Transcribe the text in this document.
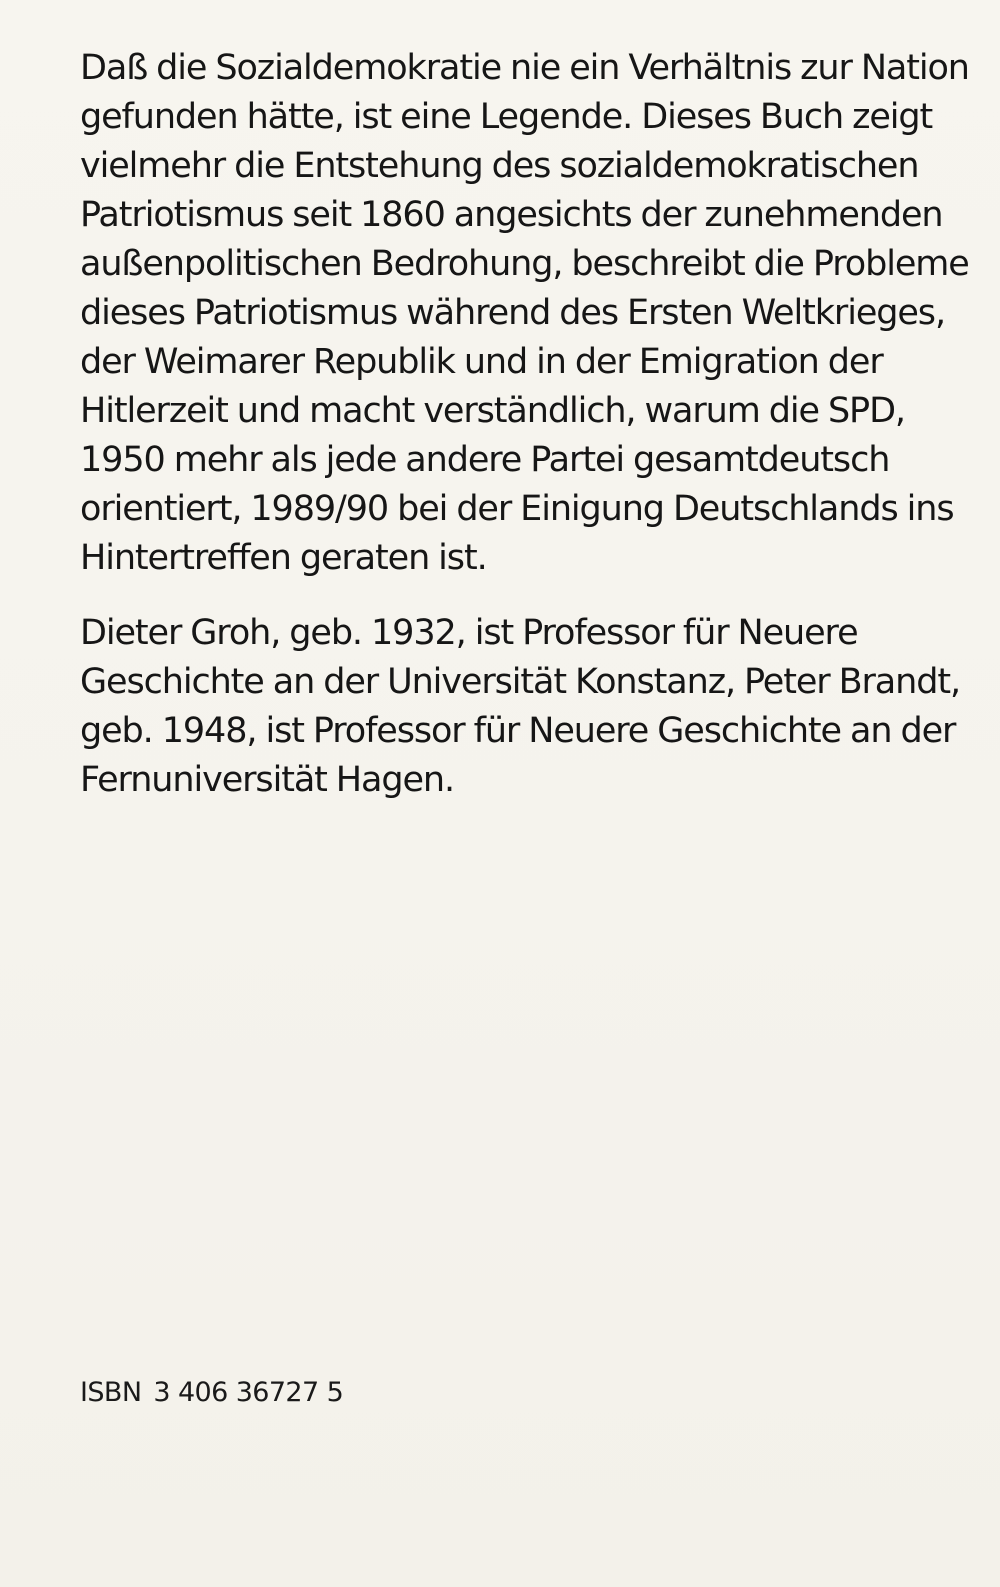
Daß die Sozialdemokratie nie ein Verhältnis zur Nation
gefunden hätte, ist eine Legende. Dieses Buch zeigt
vielmehr die Entstehung des sozialdemokratischen
Patriotismus seit 1860 angesichts der zunehmenden
außenpolitischen Bedrohung, beschreibt die Probleme
dieses Patriotismus während des Ersten Weltkrieges,
der Weimarer Republik und in der Emigration der
Hitlerzeit und macht verständlich, warum die SPD,
1950 mehr als jede andere Partei gesamtdeutsch
orientiert, 1989/90 bei der Einigung Deutschlands ins
Hintertreffen geraten ist.

Dieter Groh, geb. 1932, ist Professor für Neuere
Geschichte an der Universität Konstanz, Peter Brandt,
geb. 1948, ist Professor für Neuere Geschichte an der
Fernuniversität Hagen.

ISBN 3 406 36727 5
